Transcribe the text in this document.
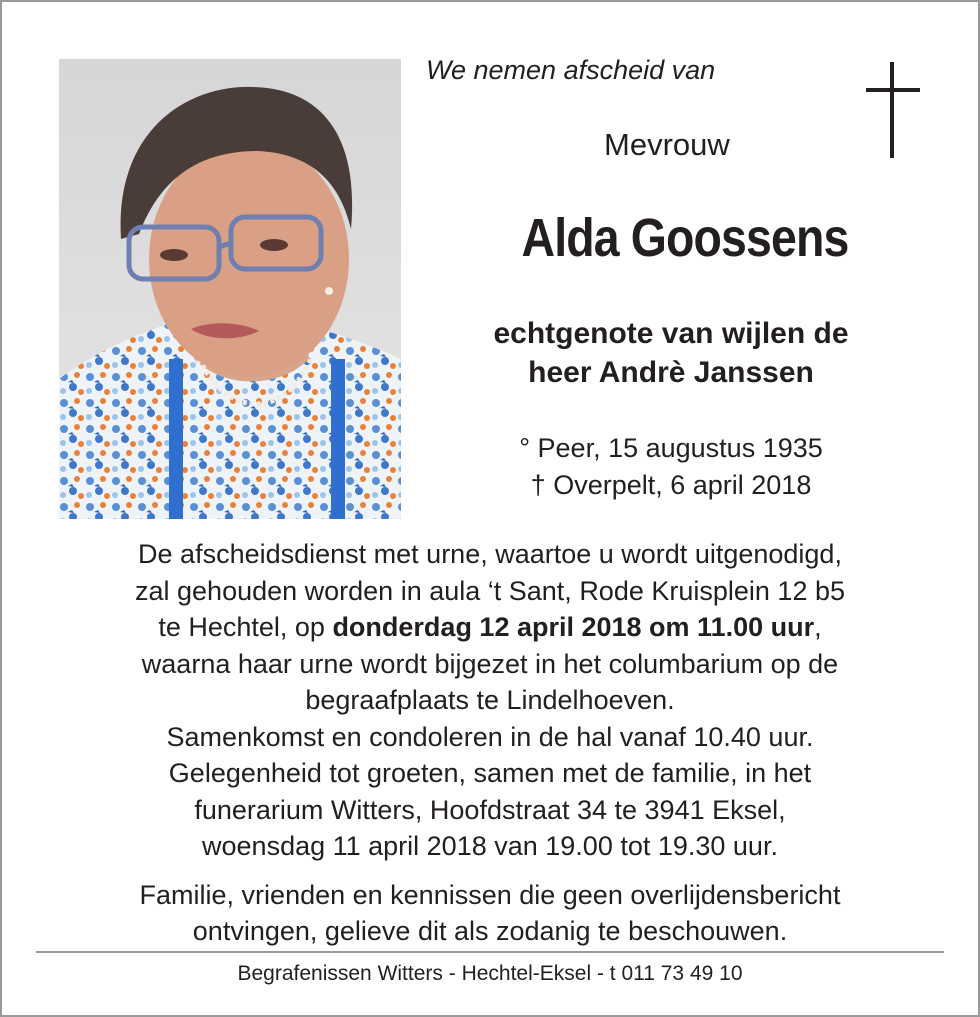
We nemen afscheid van
Mevrouw
Alda Goossens
echtgenote van wijlen de
heer Andrè Janssen
° Peer, 15 augustus 1935
† Overpelt, 6 april 2018

De afscheidsdienst met urne, waartoe u wordt uitgenodigd,

zal gehouden worden in aula ‘t Sant, Rode Kruisplein 12 b5

te Hechtel, op donderdag 12 april 2018 om 11.00 uur,

waarna haar urne wordt bijgezet in het columbarium op de

begraafplaats te Lindelhoeven.

Samenkomst en condoleren in de hal vanaf 10.40 uur.

Gelegenheid tot groeten, samen met de familie, in het

funerarium Witters, Hoofdstraat 34 te 3941 Eksel,

woensdag 11 april 2018 van 19.00 tot 19.30 uur.

Familie, vrienden en kennissen die geen overlijdensbericht

ontvingen, gelieve dit als zodanig te beschouwen.

Begrafenissen Witters - Hechtel-Eksel - t 011 73 49 10
